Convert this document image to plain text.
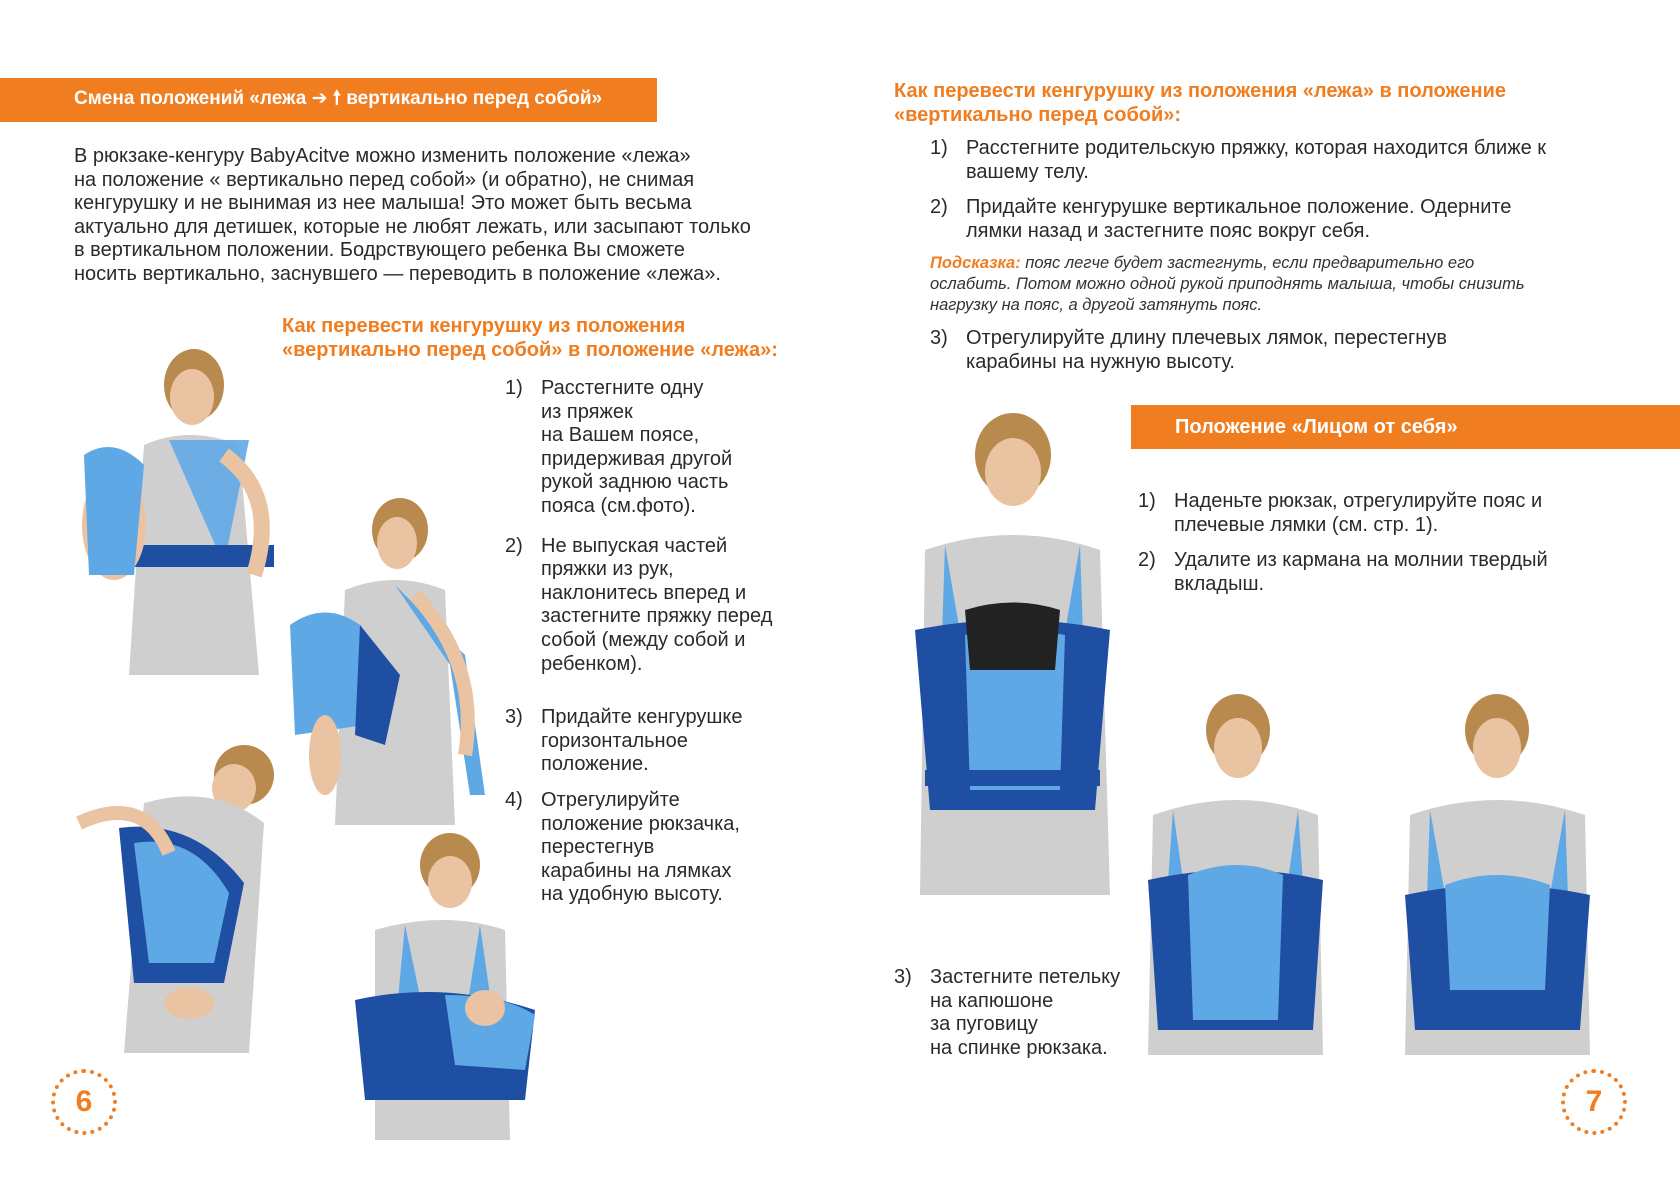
Смена положений «лежа ➔ 🠕 вертикально перед собой»
В рюкзаке-кенгуру BabyAcitve можно изменить положение «лежа»
на положение « вертикально перед собой» (и обратно), не снимая
кенгурушку и не вынимая из нее малыша! Это может быть весьма
актуально для детишек, которые не любят лежать, или засыпают только
в вертикальном положении. Бодрствующего ребенка Вы сможете
носить вертикально, заснувшего — переводить в положение «лежа».
Как перевести кенгурушку из положения
«вертикально перед собой» в положение «лежа»:
1) Расстегните одну
из пряжек
на Вашем поясе,
придерживая другой
рукой заднюю часть
пояса (см.фото).
2) Не выпуская частей
пряжки из рук,
наклонитесь вперед и
застегните пряжку перед
собой (между собой и
ребенком).
3) Придайте кенгурушке
горизонтальное
положение.
4) Отрегулируйте
положение рюкзачка,
перестегнув
карабины на лямках
на удобную высоту.
6
Как перевести кенгурушку из положения «лежа» в положение
«вертикально перед собой»:
1) Расстегните родительскую пряжку, которая находится ближе к
вашему телу.
2) Придайте кенгурушке вертикальное положение. Одерните
лямки назад и застегните пояс вокруг себя.
Подсказка: пояс легче будет застегнуть, если предварительно его
ослабить. Потом можно одной рукой приподнять малыша, чтобы снизить
нагрузку на пояс, а другой затянуть пояс.
3) Отрегулируйте длину плечевых лямок, перестегнув
карабины на нужную высоту.
Положение «Лицом от себя»
1) Наденьте рюкзак, отрегулируйте пояс и
плечевые лямки (см. стр. 1).
2) Удалите из кармана на молнии твердый
вкладыш.
3) Застегните петельку
на капюшоне
за пуговицу
на спинке рюкзака.
7
